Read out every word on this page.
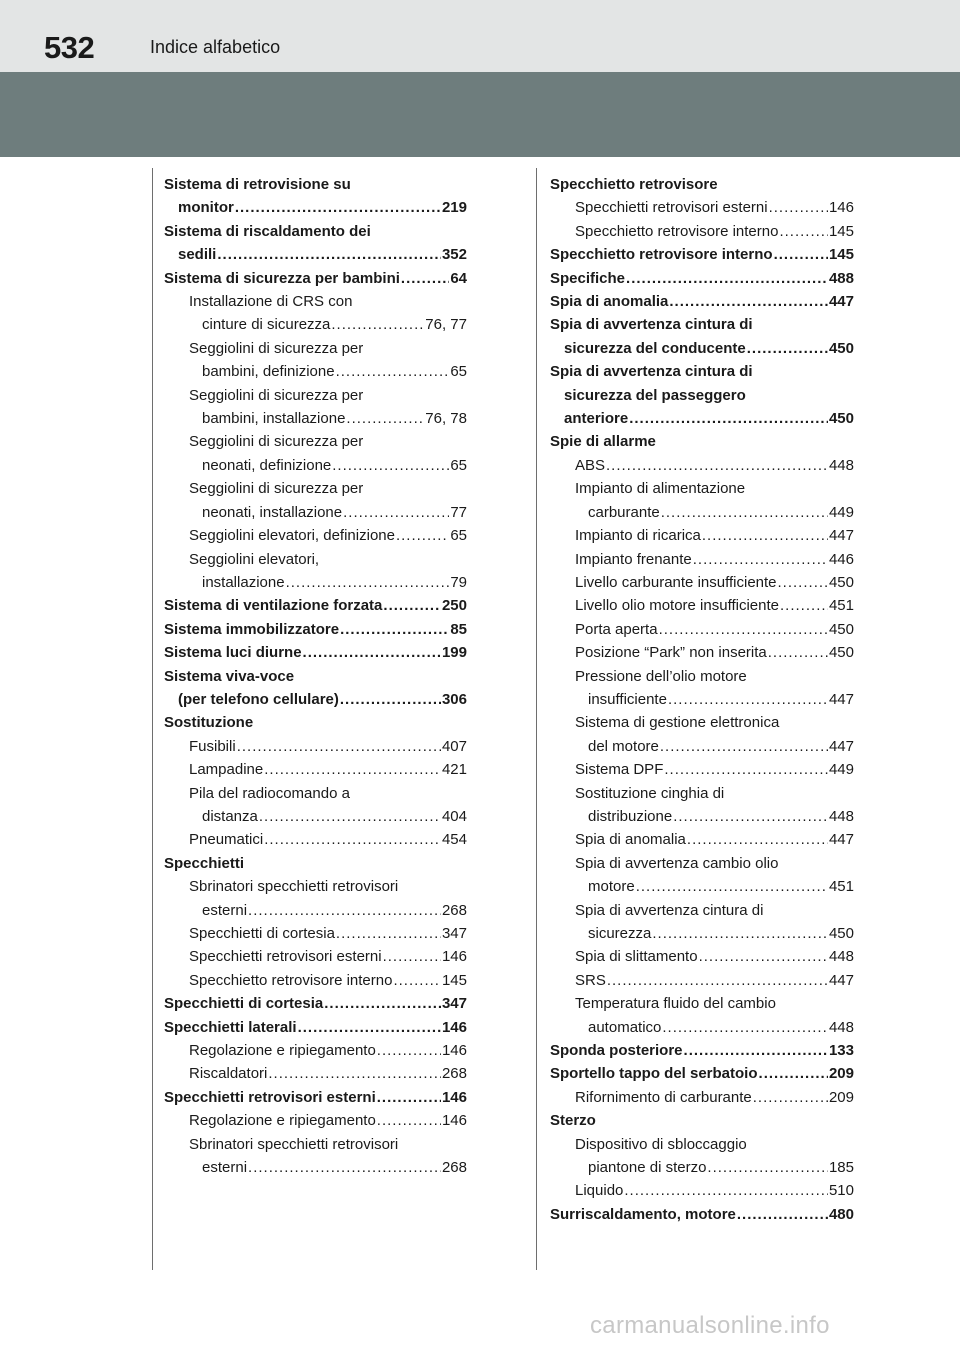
532	Indice alfabetico
Sistema di retrovisione su
monitor .....	219
Sistema di riscaldamento dei
sedili .....	352
Sistema di sicurezza per bambini .....	64
Installazione di CRS con
cinture di sicurezza .....	76, 77
Seggiolini di sicurezza per
bambini, definizione .....	65
Seggiolini di sicurezza per
bambini, installazione .....	76, 78
Seggiolini di sicurezza per
neonati, definizione .....	65
Seggiolini di sicurezza per
neonati, installazione .....	77
Seggiolini elevatori, definizione .....	65
Seggiolini elevatori,
installazione .....	79
Sistema di ventilazione forzata .....	250
Sistema immobilizzatore .....	85
Sistema luci diurne .....	199
Sistema viva-voce
(per telefono cellulare) .....	306
Sostituzione
Fusibili .....	407
Lampadine .....	421
Pila del radiocomando a
distanza .....	404
Pneumatici .....	454
Specchietti
Sbrinatori specchietti retrovisori
esterni .....	268
Specchietti di cortesia .....	347
Specchietti retrovisori esterni .....	146
Specchietto retrovisore interno .....	145
Specchietti di cortesia .....	347
Specchietti laterali .....	146
Regolazione e ripiegamento .....	146
Riscaldatori .....	268
Specchietti retrovisori esterni .....	146
Regolazione e ripiegamento .....	146
Sbrinatori specchietti retrovisori
esterni .....	268
Specchietto retrovisore
Specchietti retrovisori esterni .....	146
Specchietto retrovisore interno .....	145
Specchietto retrovisore interno .....	145
Specifiche .....	488
Spia di anomalia .....	447
Spia di avvertenza cintura di
sicurezza del conducente .....	450
Spia di avvertenza cintura di
sicurezza del passeggero
anteriore .....	450
Spie di allarme
ABS .....	448
Impianto di alimentazione
carburante .....	449
Impianto di ricarica .....	447
Impianto frenante .....	446
Livello carburante insufficiente .....	450
Livello olio motore insufficiente .....	451
Porta aperta .....	450
Posizione “Park” non inserita .....	450
Pressione dell’olio motore
insufficiente .....	447
Sistema di gestione elettronica
del motore .....	447
Sistema DPF .....	449
Sostituzione cinghia di
distribuzione .....	448
Spia di anomalia .....	447
Spia di avvertenza cambio olio
motore .....	451
Spia di avvertenza cintura di
sicurezza .....	450
Spia di slittamento .....	448
SRS .....	447
Temperatura fluido del cambio
automatico .....	448
Sponda posteriore .....	133
Sportello tappo del serbatoio .....	209
Rifornimento di carburante .....	209
Sterzo
Dispositivo di sbloccaggio
piantone di sterzo .....	185
Liquido .....	510
Surriscaldamento, motore .....	480
carmanualsonline.info
